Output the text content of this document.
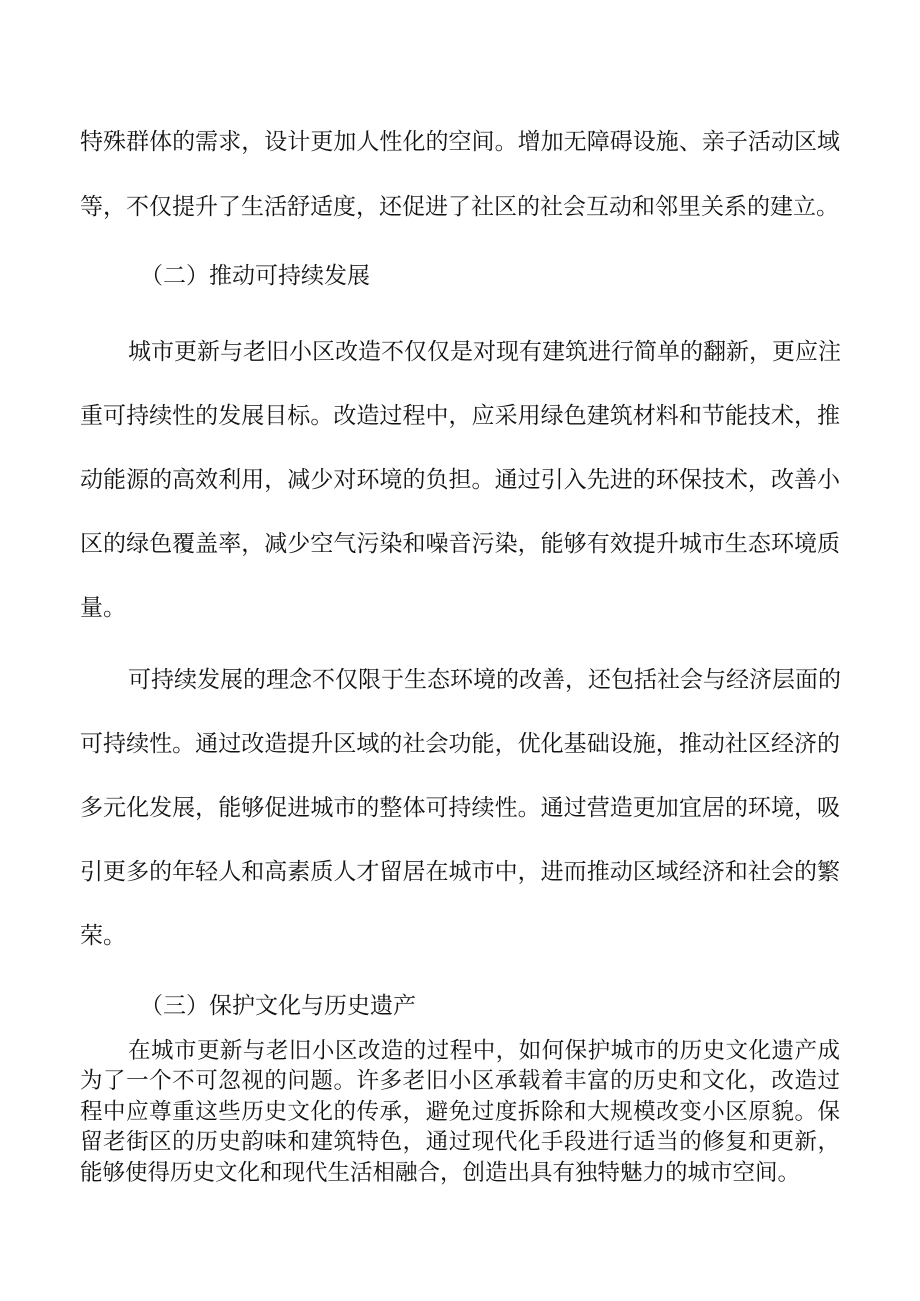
特殊群体的需求，设计更加人性化的空间。增加无障碍设施、亲子活动区域
等，不仅提升了生活舒适度，还促进了社区的社会互动和邻里关系的建立。
（二）推动可持续发展
城市更新与老旧小区改造不仅仅是对现有建筑进行简单的翻新，更应注
重可持续性的发展目标。改造过程中，应采用绿色建筑材料和节能技术，推
动能源的高效利用，减少对环境的负担。通过引入先进的环保技术，改善小
区的绿色覆盖率，减少空气污染和噪音污染，能够有效提升城市生态环境质
量。
可持续发展的理念不仅限于生态环境的改善，还包括社会与经济层面的
可持续性。通过改造提升区域的社会功能，优化基础设施，推动社区经济的
多元化发展，能够促进城市的整体可持续性。通过营造更加宜居的环境，吸
引更多的年轻人和高素质人才留居在城市中，进而推动区域经济和社会的繁
荣。
（三）保护文化与历史遗产
在城市更新与老旧小区改造的过程中，如何保护城市的历史文化遗产成
为了一个不可忽视的问题。许多老旧小区承载着丰富的历史和文化，改造过
程中应尊重这些历史文化的传承，避免过度拆除和大规模改变小区原貌。保
留老街区的历史韵味和建筑特色，通过现代化手段进行适当的修复和更新，
能够使得历史文化和现代生活相融合，创造出具有独特魅力的城市空间。
